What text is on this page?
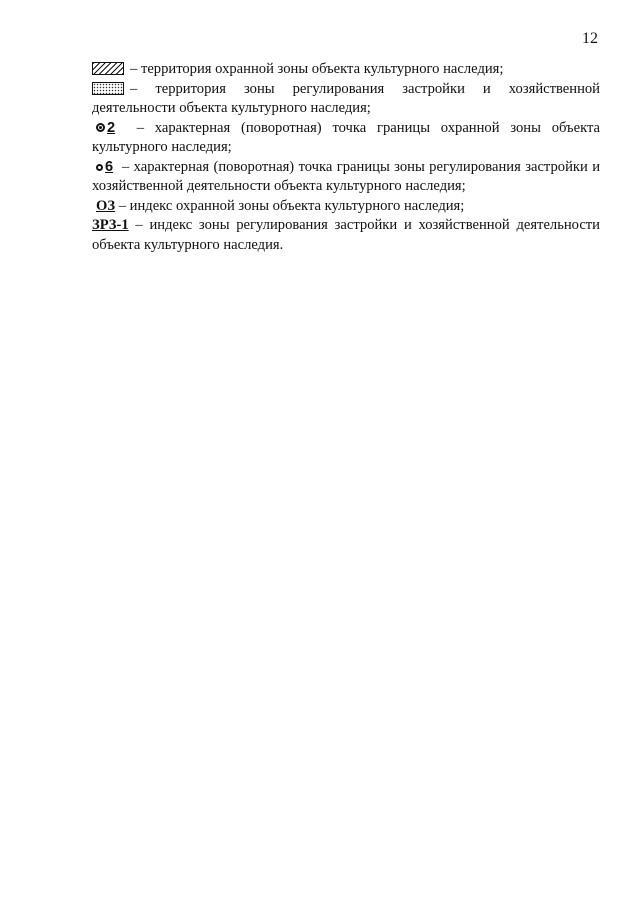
12

– территория охранной зоны объекта культурного наследия;

– территория зоны регулирования застройки и хозяйственной деятельности объекта культурного наследия;

2 – характерная (поворотная) точка границы охранной зоны объекта культурного наследия;

6 – характерная (поворотная) точка границы зоны регулирования застройки и хозяйственной деятельности объекта культурного наследия;

ОЗ – индекс охранной зоны объекта культурного наследия;

ЗРЗ-1 – индекс зоны регулирования застройки и хозяйственной деятельности объекта культурного наследия.
